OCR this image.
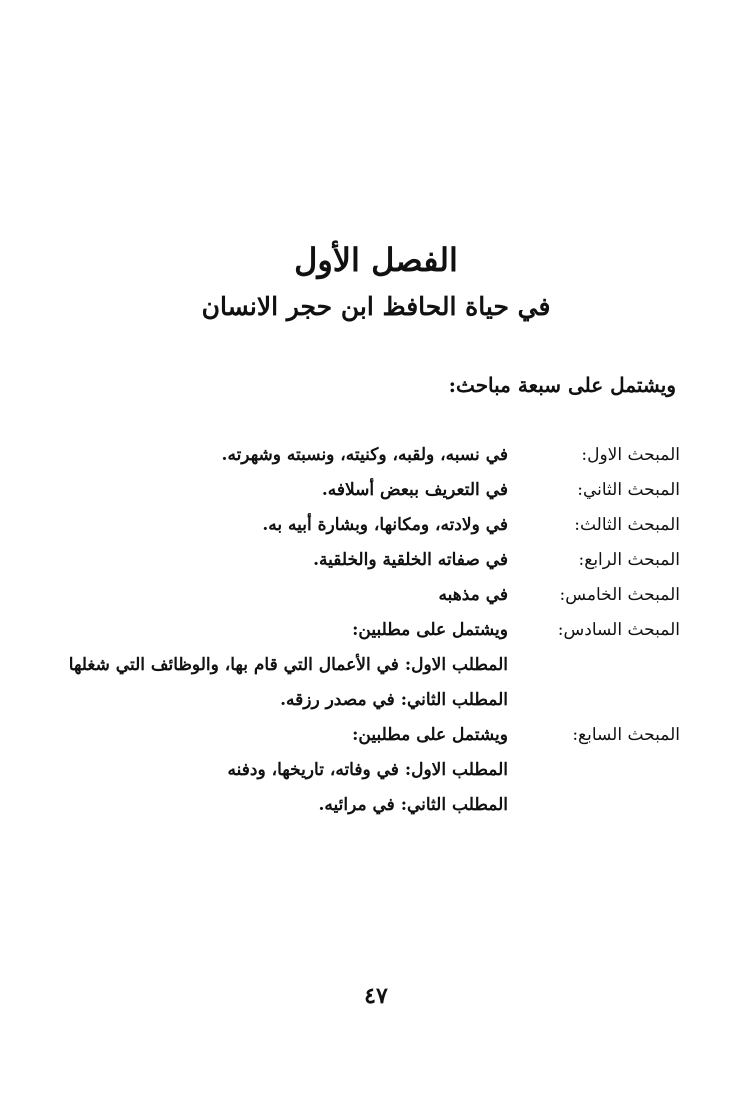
الفصل الأول
في حياة الحافظ ابن حجر الانسان
ويشتمل على سبعة مباحث:
المبحث الاول:
في نسبه، ولقبه، وكنيته، ونسبته وشهرته.
المبحث الثاني:
في التعريف ببعض أسلافه.
المبحث الثالث:
في ولادته، ومكانها، وبشارة أبيه به.
المبحث الرابع:
في صفاته الخلقية والخلقية.
المبحث الخامس:
في مذهبه
المبحث السادس:
ويشتمل على مطلبين:
المطلب الاول: في الأعمال التي قام بها، والوظائف التي شغلها
المطلب الثاني: في مصدر رزقه.
المبحث السابع:
ويشتمل على مطلبين:
المطلب الاول: في وفاته، تاريخها، ودفنه
المطلب الثاني: في مرائيه.
٤٧
